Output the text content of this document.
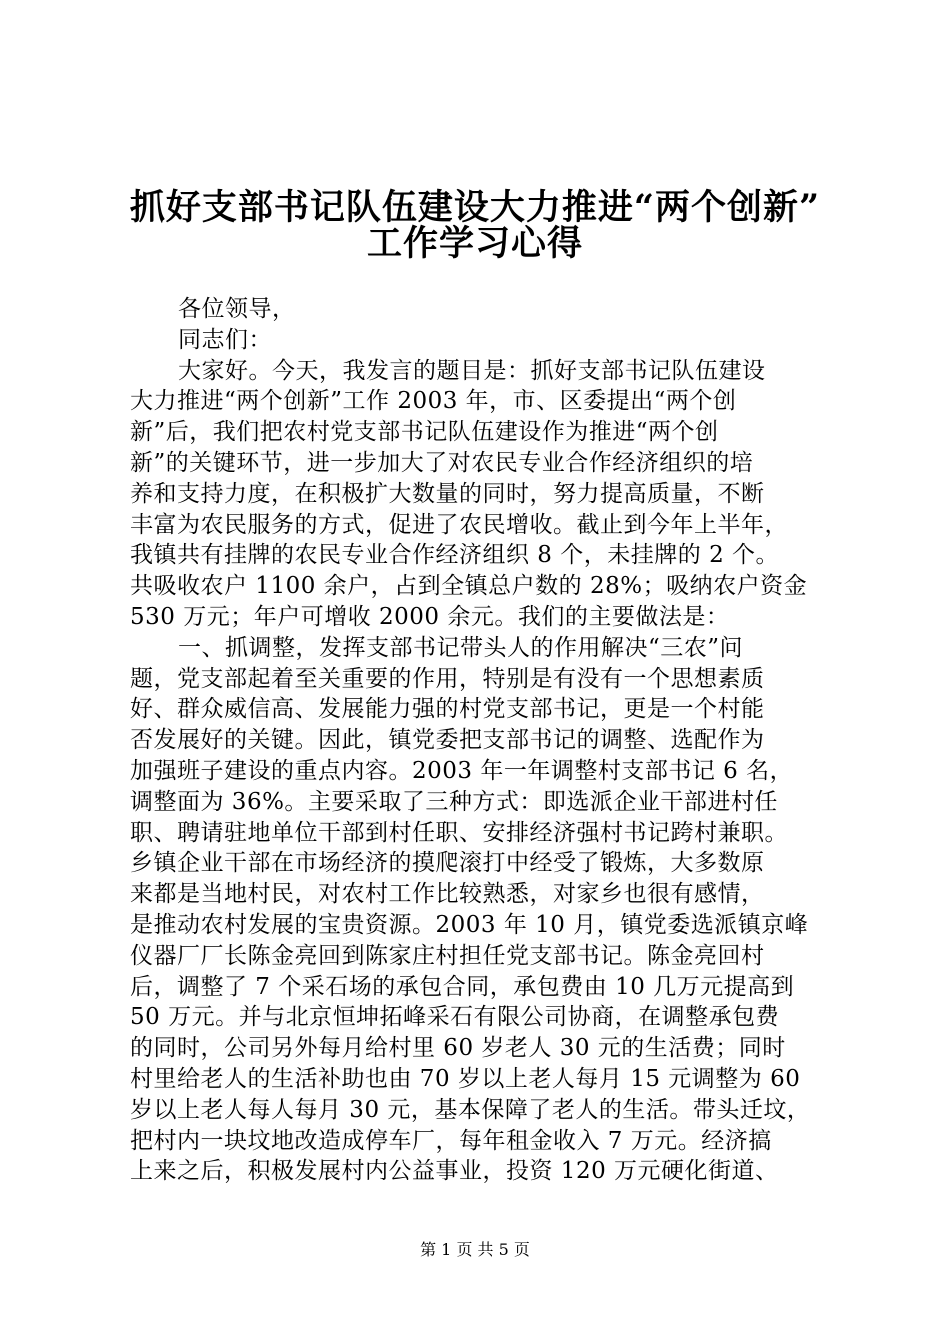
抓好支部书记队伍建设大力推进“两个创新”
工作学习心得
各位领导，
同志们：
大家好。今天，我发言的题目是：抓好支部书记队伍建设
大力推进“两个创新”工作 2003 年，市、区委提出“两个创
新”后，我们把农村党支部书记队伍建设作为推进“两个创
新”的关键环节，进一步加大了对农民专业合作经济组织的培
养和支持力度，在积极扩大数量的同时，努力提高质量，不断
丰富为农民服务的方式，促进了农民增收。截止到今年上半年，
我镇共有挂牌的农民专业合作经济组织 8 个，未挂牌的 2 个。
共吸收农户 1100 余户，占到全镇总户数的 28%；吸纳农户资金
530 万元；年户可增收 2000 余元。我们的主要做法是：
一、抓调整，发挥支部书记带头人的作用解决“三农”问
题，党支部起着至关重要的作用，特别是有没有一个思想素质
好、群众威信高、发展能力强的村党支部书记，更是一个村能
否发展好的关键。因此，镇党委把支部书记的调整、选配作为
加强班子建设的重点内容。2003 年一年调整村支部书记 6 名，
调整面为 36%。主要采取了三种方式：即选派企业干部进村任
职、聘请驻地单位干部到村任职、安排经济强村书记跨村兼职。
乡镇企业干部在市场经济的摸爬滚打中经受了锻炼，大多数原
来都是当地村民，对农村工作比较熟悉，对家乡也很有感情，
是推动农村发展的宝贵资源。2003 年 10 月，镇党委选派镇京峰
仪器厂厂长陈金亮回到陈家庄村担任党支部书记。陈金亮回村
后，调整了 7 个采石场的承包合同，承包费由 10 几万元提高到
50 万元。并与北京恒坤拓峰采石有限公司协商，在调整承包费
的同时，公司另外每月给村里 60 岁老人 30 元的生活费；同时
村里给老人的生活补助也由 70 岁以上老人每月 15 元调整为 60
岁以上老人每人每月 30 元，基本保障了老人的生活。带头迁坟，
把村内一块坟地改造成停车厂，每年租金收入 7 万元。经济搞
上来之后，积极发展村内公益事业，投资 120 万元硬化街道、
第 1 页 共 5 页
